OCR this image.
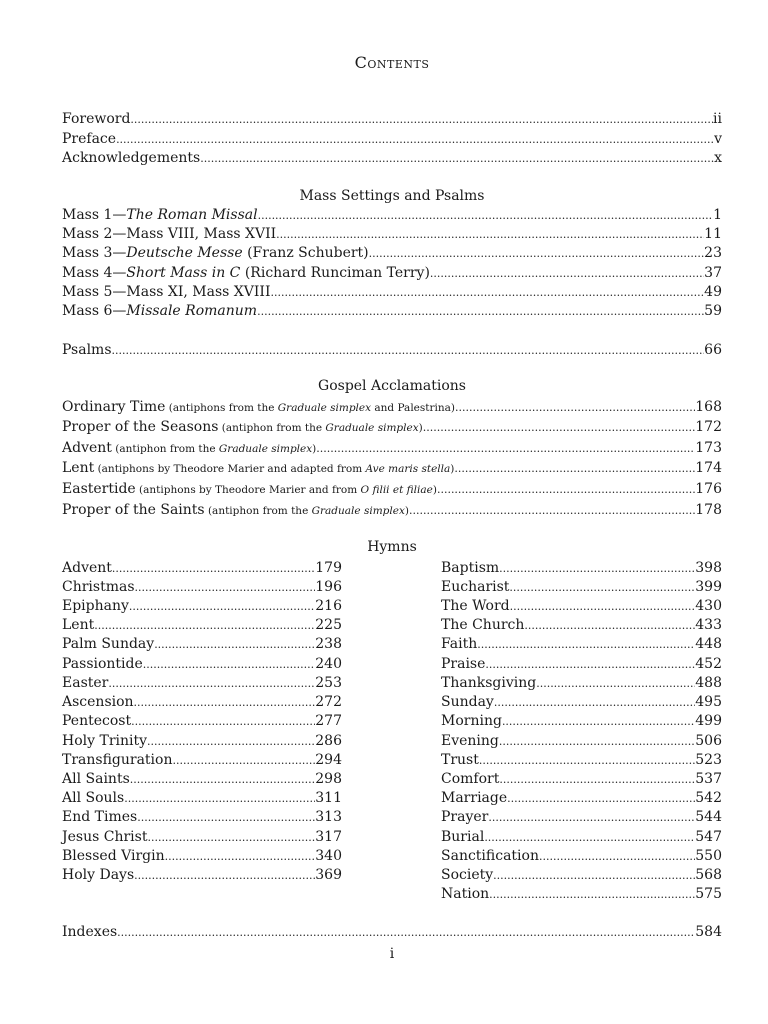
Contents
Foreword .....	ii
Preface .....	v
Acknowledgements .....	x
Mass Settings and Psalms
Mass 1—The Roman Missal .....	1
Mass 2—Mass VIII, Mass XVII .....	11
Mass 3—Deutsche Messe (Franz Schubert) .....	23
Mass 4—Short Mass in C (Richard Runciman Terry) .....	37
Mass 5—Mass XI, Mass XVIII .....	49
Mass 6—Missale Romanum .....	59
Psalms .....	66
Gospel Acclamations
Ordinary Time (antiphons from the Graduale simplex and Palestrina) .....	168
Proper of the Seasons (antiphon from the Graduale simplex) .....	172
Advent (antiphon from the Graduale simplex) .....	173
Lent (antiphons by Theodore Marier and adapted from Ave maris stella) .....	174
Eastertide (antiphons by Theodore Marier and from O filii et filiae) .....	176
Proper of the Saints (antiphon from the Graduale simplex) .....	178
Hymns
Advent .....	179
Christmas .....	196
Epiphany .....	216
Lent .....	225
Palm Sunday .....	238
Passiontide .....	240
Easter .....	253
Ascension .....	272
Pentecost .....	277
Holy Trinity .....	286
Transfiguration .....	294
All Saints .....	298
All Souls .....	311
End Times .....	313
Jesus Christ .....	317
Blessed Virgin .....	340
Holy Days .....	369
Baptism .....	398
Eucharist .....	399
The Word .....	430
The Church .....	433
Faith .....	448
Praise .....	452
Thanksgiving .....	488
Sunday .....	495
Morning .....	499
Evening .....	506
Trust .....	523
Comfort .....	537
Marriage .....	542
Prayer .....	544
Burial .....	547
Sanctification .....	550
Society .....	568
Nation .....	575
Indexes .....	584
i
